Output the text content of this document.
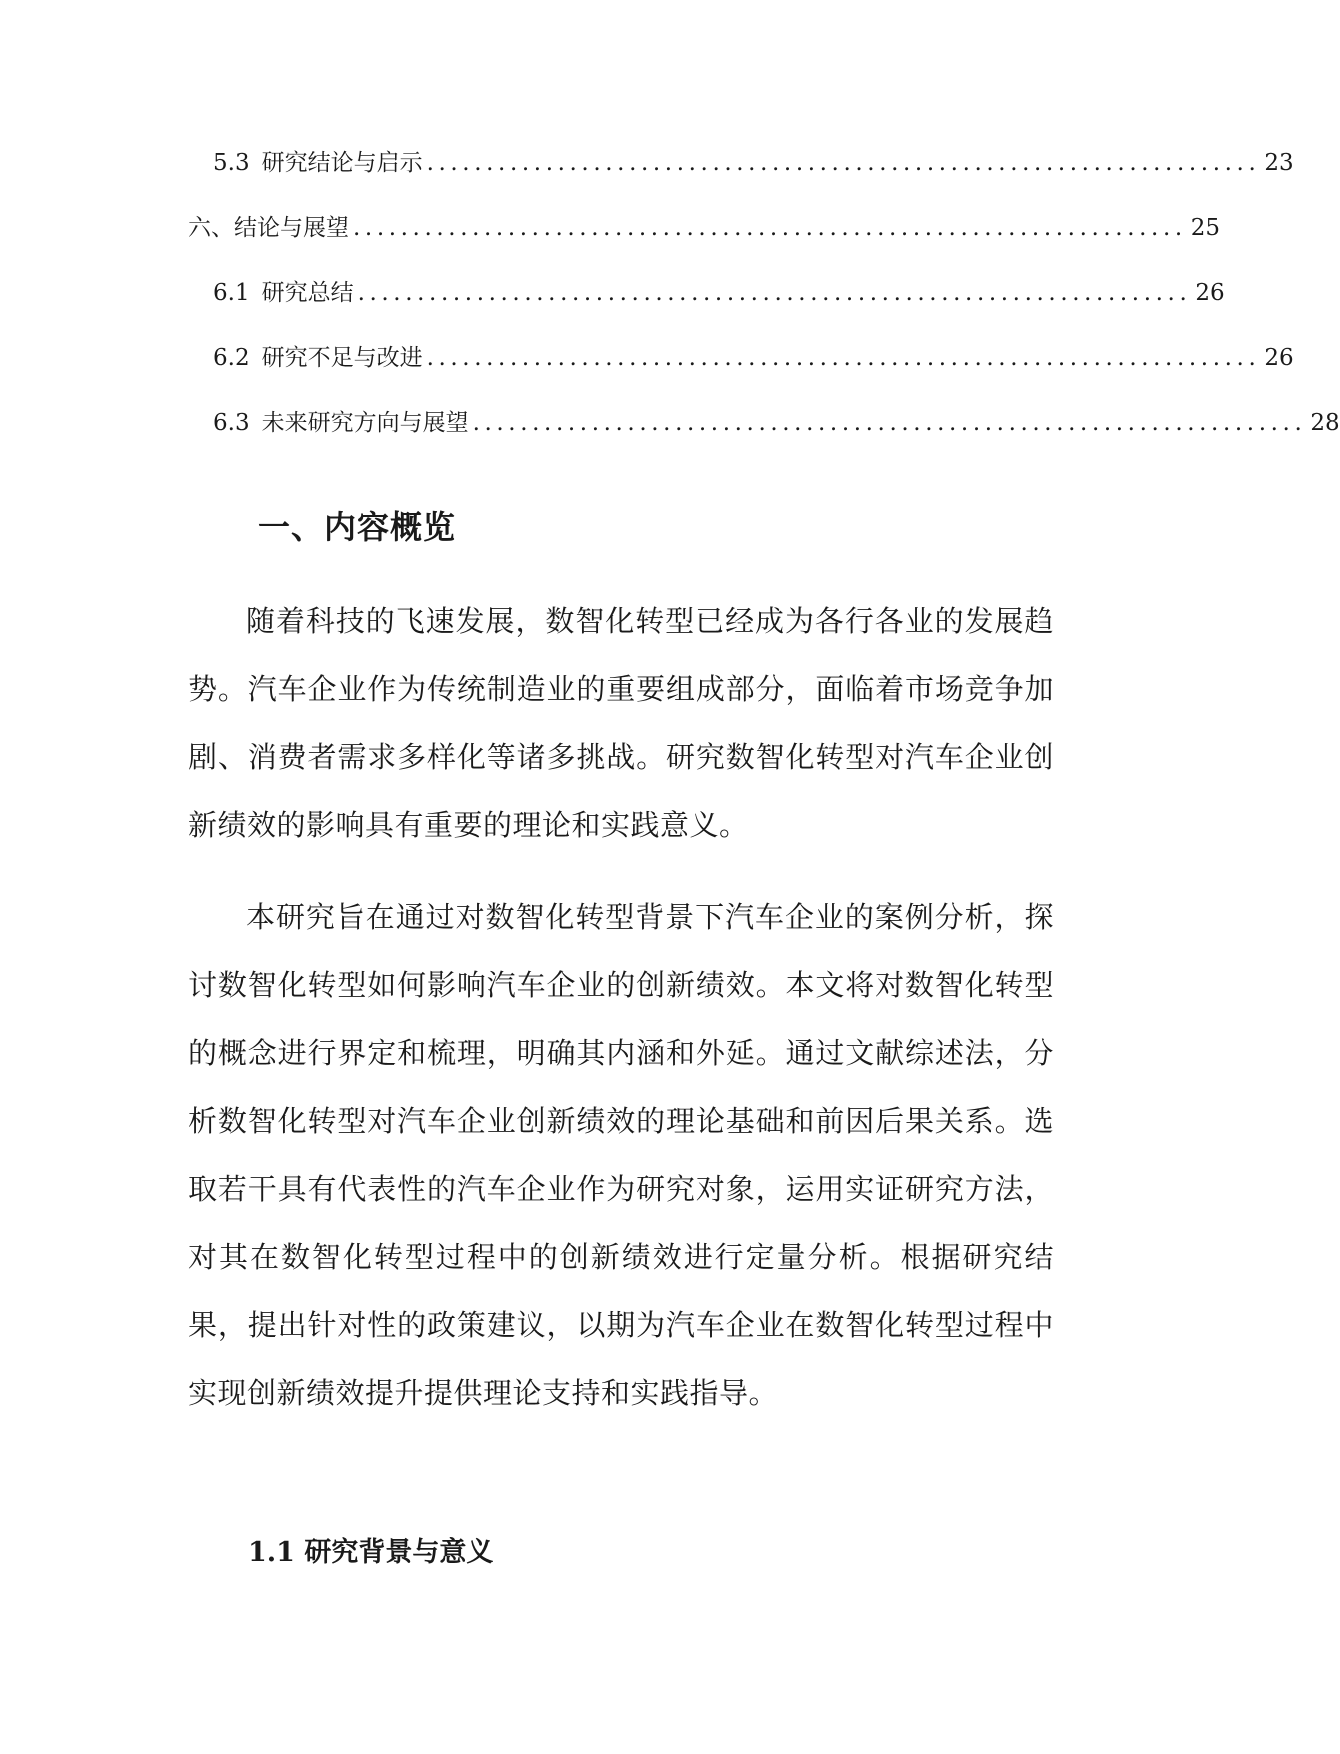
5.3 研究结论与启示 ...................................................................... 23
六、结论与展望 ...................................................................... 25
6.1 研究总结 ...................................................................... 26
6.2 研究不足与改进 ...................................................................... 26
6.3 未来研究方向与展望 ...................................................................... 28
一、内容概览

随着科技的飞速发展，数智化转型已经成为各行各业的发展趋势。汽车企业作为传统制造业的重要组成部分，面临着市场竞争加剧、消费者需求多样化等诸多挑战。研究数智化转型对汽车企业创新绩效的影响具有重要的理论和实践意义。

本研究旨在通过对数智化转型背景下汽车企业的案例分析，探讨数智化转型如何影响汽车企业的创新绩效。本文将对数智化转型的概念进行界定和梳理，明确其内涵和外延。通过文献综述法，分析数智化转型对汽车企业创新绩效的理论基础和前因后果关系。选取若干具有代表性的汽车企业作为研究对象，运用实证研究方法，对其在数智化转型过程中的创新绩效进行定量分析。根据研究结果，提出针对性的政策建议，以期为汽车企业在数智化转型过程中实现创新绩效提升提供理论支持和实践指导。

1.1 研究背景与意义
